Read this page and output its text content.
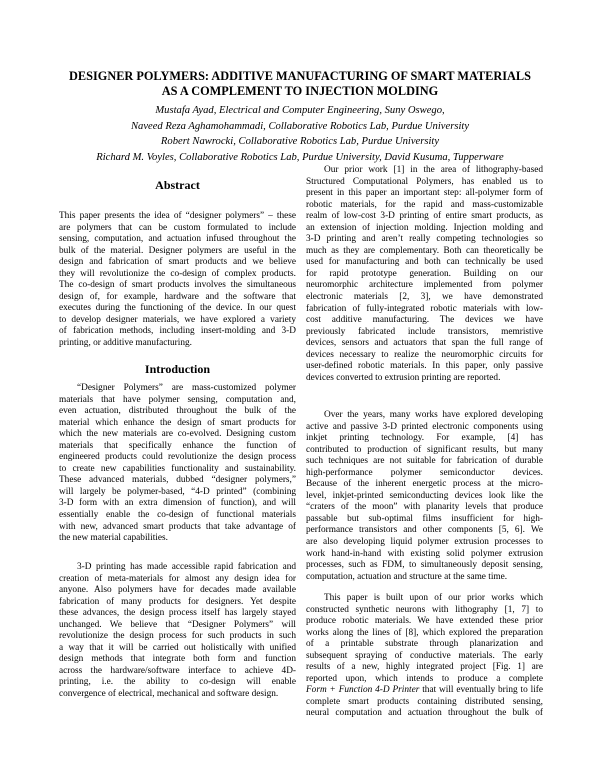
DESIGNER POLYMERS: ADDITIVE MANUFACTURING OF SMART MATERIALS
AS A COMPLEMENT TO INJECTION MOLDING
Mustafa Ayad, Electrical and Computer Engineering, Suny Oswego,
Naveed Reza Aghamohammadi, Collaborative Robotics Lab, Purdue University
Robert Nawrocki, Collaborative Robotics Lab, Purdue University
Richard M. Voyles, Collaborative Robotics Lab, Purdue University, David Kusuma, Tupperware
Abstract
This paper presents the idea of “designer polymers” – these
are polymers that can be custom formulated to include
sensing, computation, and actuation infused throughout the
bulk of the material. Designer polymers are useful in the
design and fabrication of smart products and we believe
they will revolutionize the co-design of complex products.
The co-design of smart products involves the simultaneous
design of, for example, hardware and the software that
executes during the functioning of the device. In our quest
to develop designer materials, we have explored a variety
of fabrication methods, including insert-molding and 3-D
printing, or additive manufacturing.
Introduction
“Designer Polymers” are mass-customized polymer
materials that have polymer sensing, computation and,
even actuation, distributed throughout the bulk of the
material which enhance the design of smart products for
which the new materials are co-evolved. Designing custom
materials that specifically enhance the function of
engineered products could revolutionize the design process
to create new capabilities functionality and sustainability.
These advanced materials, dubbed “designer polymers,”
will largely be polymer-based, “4-D printed” (combining
3-D form with an extra dimension of function), and will
essentially enable the co-design of functional materials
with new, advanced smart products that take advantage of
the new material capabilities.
3-D printing has made accessible rapid fabrication and
creation of meta-materials for almost any design idea for
anyone. Also polymers have for decades made available
fabrication of many products for designers. Yet despite
these advances, the design process itself has largely stayed
unchanged. We believe that “Designer Polymers” will
revolutionize the design process for such products in such
a way that it will be carried out holistically with unified
design methods that integrate both form and function
across the hardware/software interface to achieve 4D-
printing, i.e. the ability to co-design will enable
convergence of electrical, mechanical and software design.
Our prior work [1] in the area of lithography-based
Structured Computational Polymers, has enabled us to
present in this paper an important step: all-polymer form of
robotic materials, for the rapid and mass-customizable
realm of low-cost 3-D printing of entire smart products, as
an extension of injection molding. Injection molding and
3-D printing and aren’t really competing technologies so
much as they are complementary. Both can theoretically be
used for manufacturing and both can technically be used
for rapid prototype generation. Building on our
neuromorphic architecture implemented from polymer
electronic materials [2, 3], we have demonstrated
fabrication of fully-integrated robotic materials with low-
cost additive manufacturing. The devices we have
previously fabricated include transistors, memristive
devices, sensors and actuators that span the full range of
devices necessary to realize the neuromorphic circuits for
user-defined robotic materials. In this paper, only passive
devices converted to extrusion printing are reported.
Over the years, many works have explored developing
active and passive 3-D printed electronic components using
inkjet printing technology. For example, [4] has
contributed to production of significant results, but many
such techniques are not suitable for fabrication of durable
high-performance polymer semiconductor devices.
Because of the inherent energetic process at the micro-
level, inkjet-printed semiconducting devices look like the
“craters of the moon” with planarity levels that produce
passable but sub-optimal films insufficient for high-
performance transistors and other components [5, 6]. We
are also developing liquid polymer extrusion processes to
work hand-in-hand with existing solid polymer extrusion
processes, such as FDM, to simultaneously deposit sensing,
computation, actuation and structure at the same time.
This paper is built upon of our prior works which
constructed synthetic neurons with lithography [1, 7] to
produce robotic materials. We have extended these prior
works along the lines of [8], which explored the preparation
of a printable substrate through planarization and
subsequent spraying of conductive materials. The early
results of a new, highly integrated project [Fig. 1] are
reported upon, which intends to produce a complete
Form + Function 4-D Printer that will eventually bring to life
complete smart products containing distributed sensing,
neural computation and actuation throughout the bulk of
